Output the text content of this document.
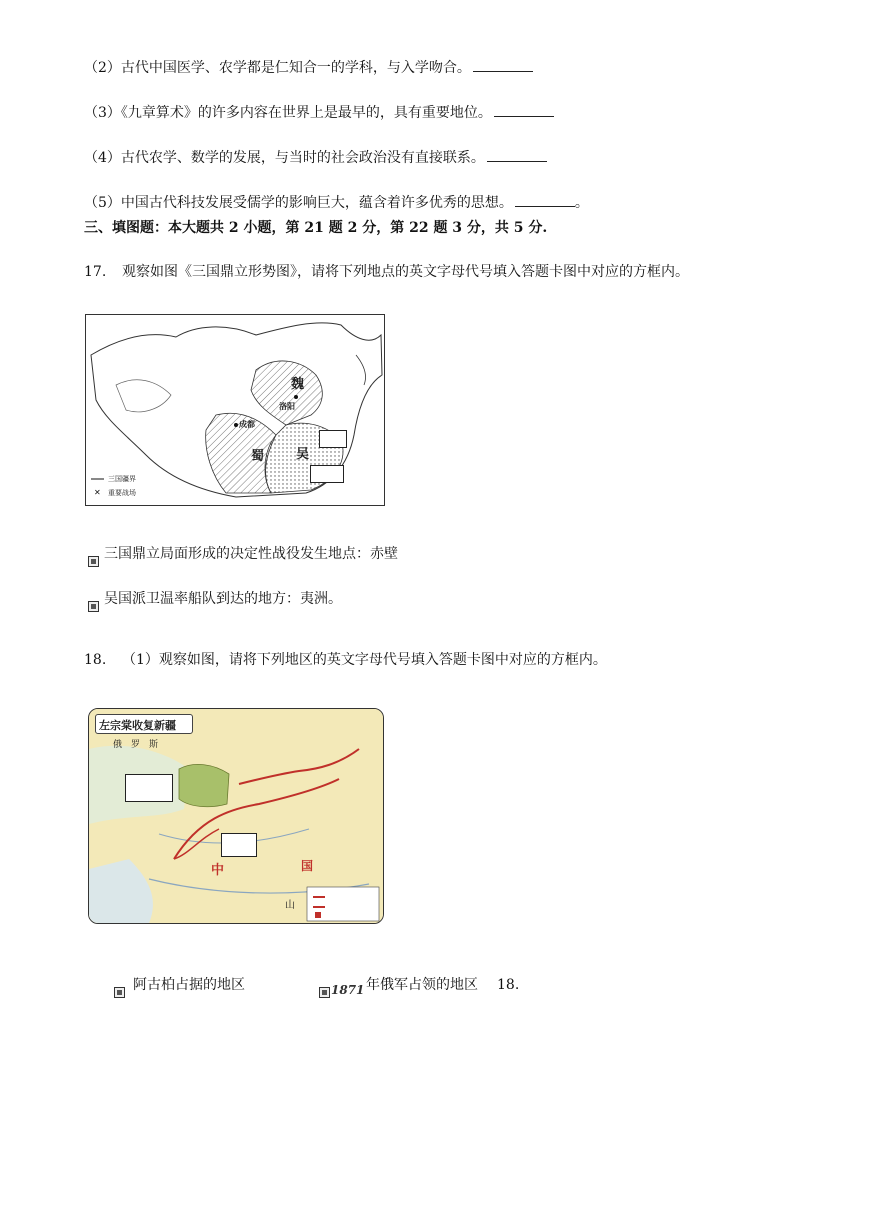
（2）古代中国医学、农学都是仁知合一的学科，与入学吻合。
（3）《九章算术》的许多内容在世界上是最早的，具有重要地位。
（4）古代农学、数学的发展，与当时的社会政治没有直接联系。
（5）中国古代科技发展受儒学的影响巨大，蕴含着许多优秀的思想。	。
三、填图题：本大题共 2 小题，第 21 题 2 分，第 22 题 3 分，共 5 分.
17. 观察如图《三国鼎立形势图》，请将下列地点的英文字母代号填入答题卡图中对应的方框内。
✕
魏
蜀 吴
洛阳
成都
三国疆界
重要战场
三国鼎立局面形成的决定性战役发生地点：赤壁
吴国派卫温率船队到达的地方：夷洲。
18. （1）观察如图，请将下列地区的英文字母代号填入答题卡图中对应的方框内。
左宗棠收复新疆
俄　罗　斯
中	国
山
阿古柏占据的地区	1871 年俄军占领的地区 18.
